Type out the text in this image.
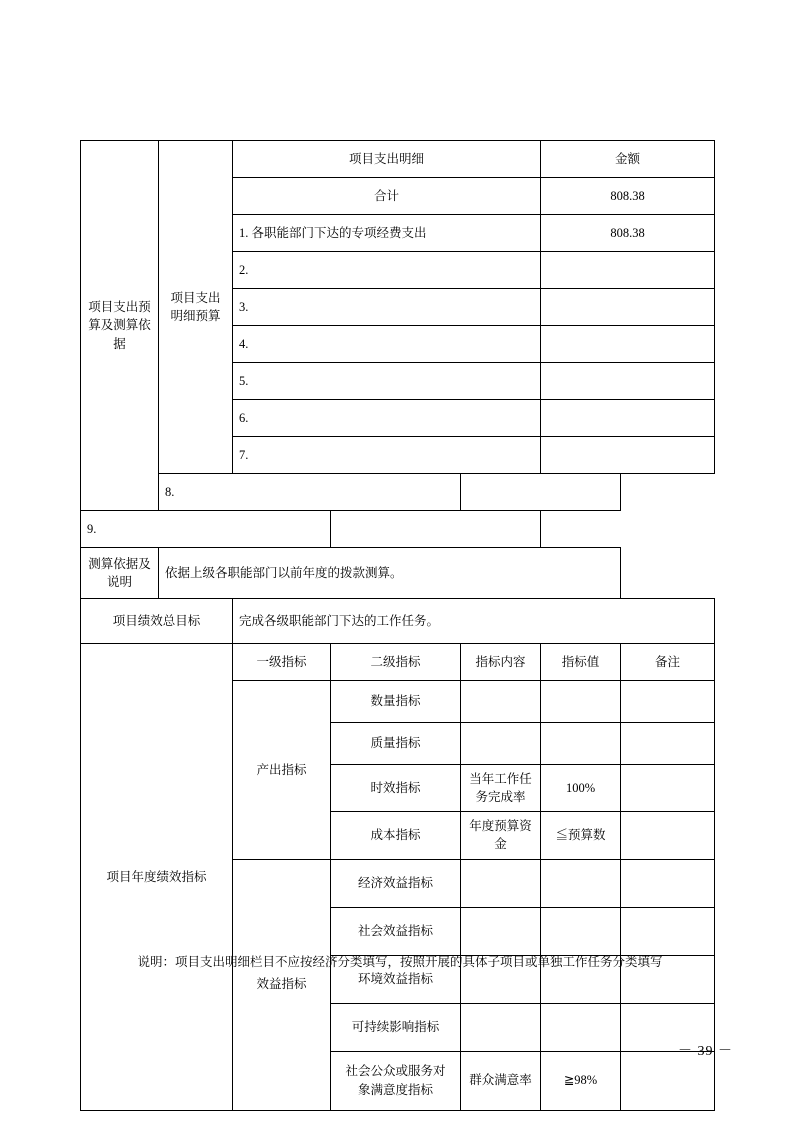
项目支出预算及测算依据	项目支出明细预算	项目支出明细			金额	
		合计			808.38	
		1. 各职能部门下达的专项经费支出			808.38	
		2.				
		3.				
		4.				
		5.				
		6.				
		7.				
	8.					
9.						
测算依据及说明	依据上级各职能部门以前年度的拨款测算。					
项目绩效总目标		完成各级职能部门下达的工作任务。				
项目年度绩效指标		一级指标	二级指标	指标内容	指标值	备注
		产出指标	数量指标			
			质量指标			
			时效指标	当年工作任务完成率	100%	
			成本指标	年度预算资金	≦预算数	
		效益指标	经济效益指标			
			社会效益指标			
			环境效益指标			
			可持续影响指标			
			社会公众或服务对象满意度指标	群众满意率	≧98%	
说明：项目支出明细栏目不应按经济分类填写，按照开展的具体子项目或单独工作任务分类填写
－ 39 －
